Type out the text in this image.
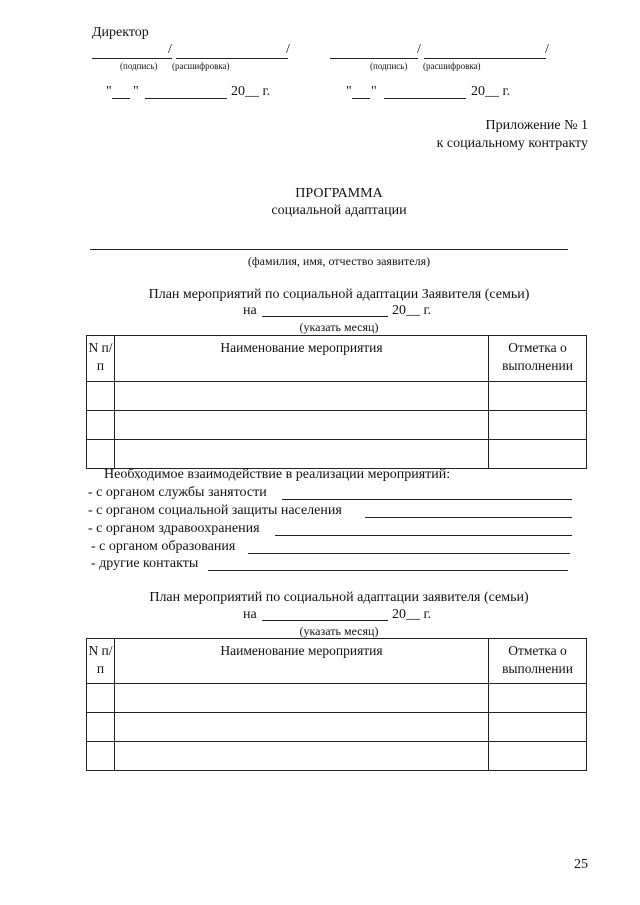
Директор
/	/
(подпись) (расшифровка)
" "	20__ г.
/	/
(подпись) (расшифровка)
" "	20__ г.
Приложение № 1
к социальному контракту
ПРОГРАММА
социальной адаптации
(фамилия, имя, отчество заявителя)
План мероприятий по социальной адаптации Заявителя (семьи)
на	20__ г.
(указать месяц)
N п/п	Наименование мероприятия	Отметка о выполнении

Необходимое взаимодействие в реализации мероприятий:
- с органом службы занятости
- с органом социальной защиты населения
- с органом здравоохранения
- с органом образования
- другие контакты
План мероприятий по социальной адаптации заявителя (семьи)
на	20__ г.
(указать месяц)
N п/п	Наименование мероприятия	Отметка о выполнении

25
